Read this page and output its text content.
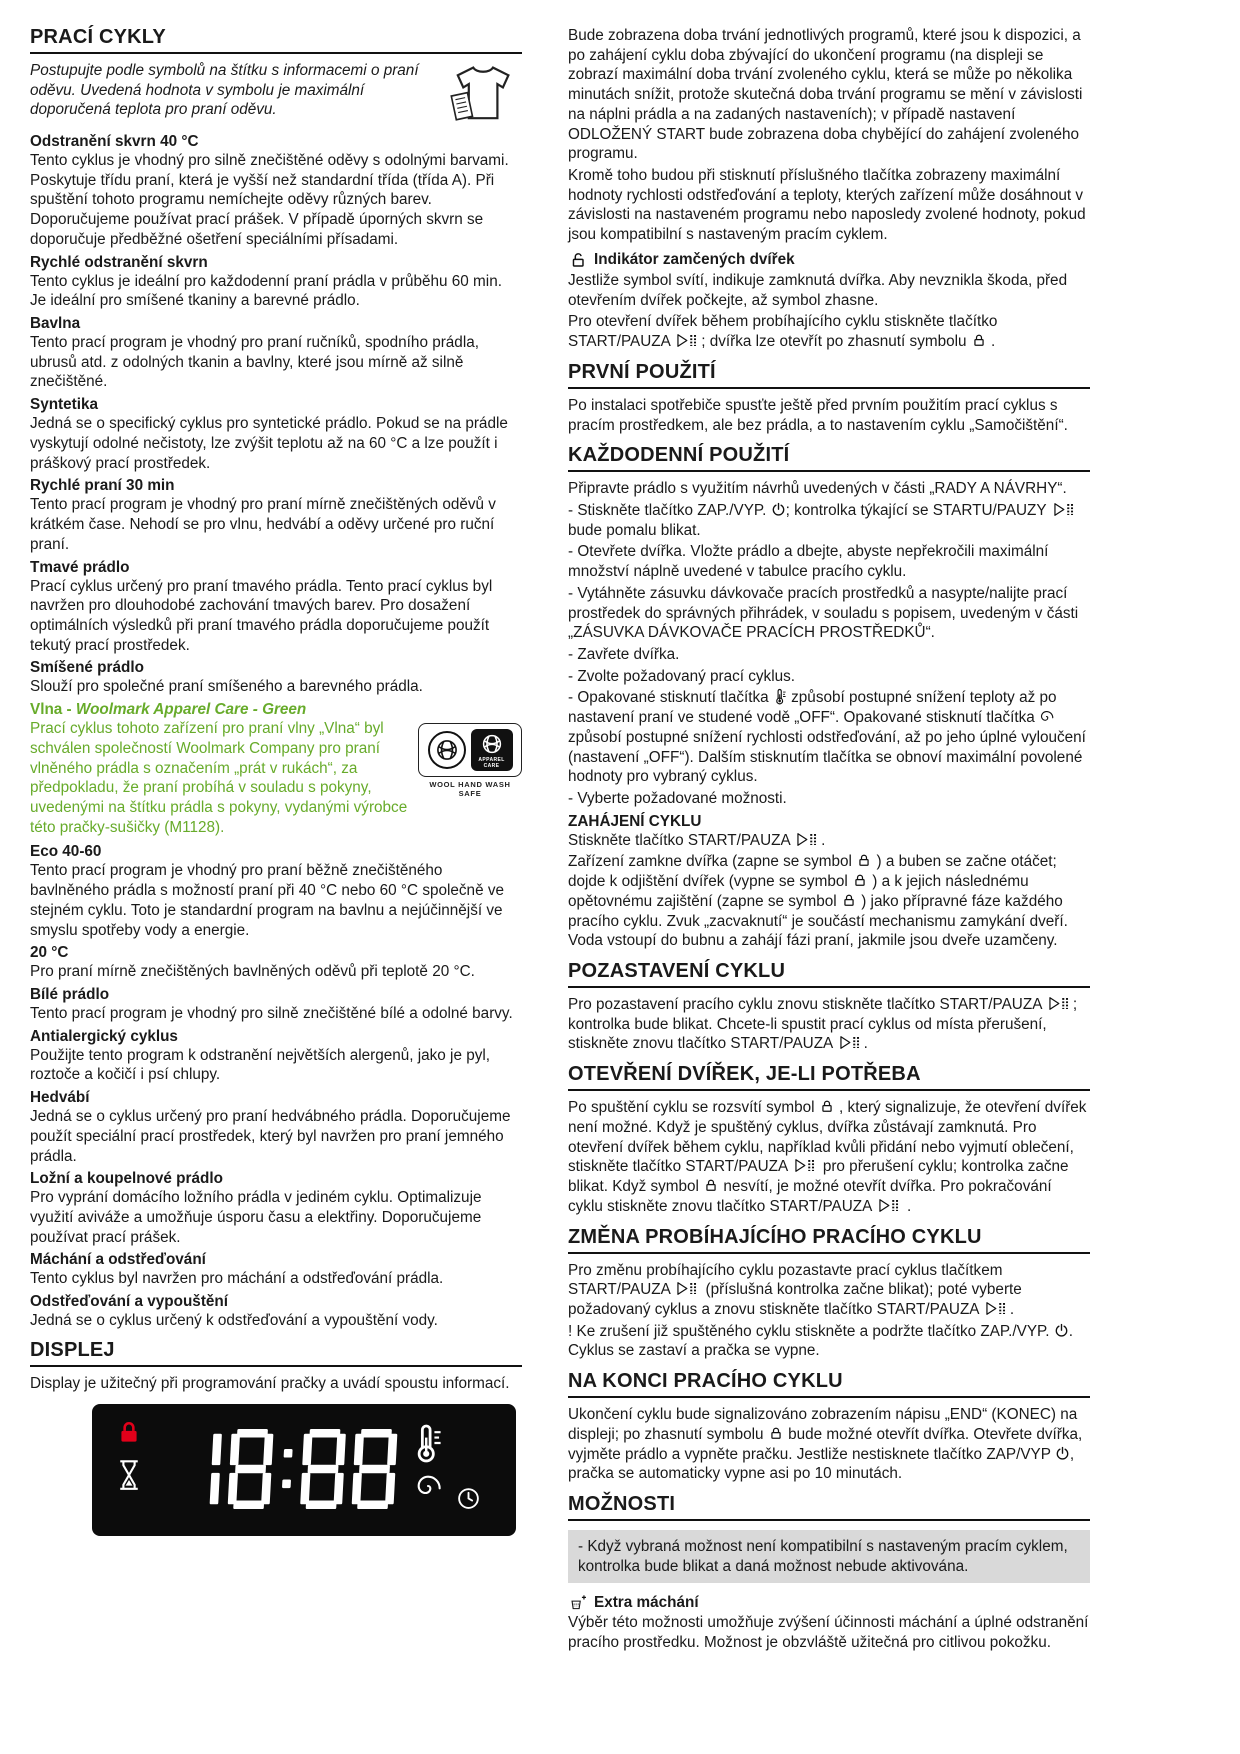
PRACÍ CYKLY

Postupujte podle symbolů na štítku s informacemi o praní oděvu. Uvedená hodnota v symbolu je maximální doporučená teplota pro praní oděvu.

Odstranění skvrn 40 °C

Tento cyklus je vhodný pro silně znečištěné oděvy s odolnými barvami. Poskytuje třídu praní, která je vyšší než standardní třída (třída A). Při spuštění tohoto programu nemíchejte oděvy různých barev. Doporučujeme používat prací prášek. V případě úporných skvrn se doporučuje předběžné ošetření speciálními přísadami.

Rychlé odstranění skvrn

Tento cyklus je ideální pro každodenní praní prádla v průběhu 60 min. Je ideální pro smíšené tkaniny a barevné prádlo.

Bavlna

Tento prací program je vhodný pro praní ručníků, spodního prádla, ubrusů atd. z odolných tkanin a bavlny, které jsou mírně až silně znečištěné.

Syntetika

Jedná se o specifický cyklus pro syntetické prádlo. Pokud se na prádle vyskytují odolné nečistoty, lze zvýšit teplotu až na 60 °C a lze použít i práškový prací prostředek.

Rychlé praní 30 min

Tento prací program je vhodný pro praní mírně znečištěných oděvů v krátkém čase. Nehodí se pro vlnu, hedvábí a oděvy určené pro ruční praní.

Tmavé prádlo

Prací cyklus určený pro praní tmavého prádla. Tento prací cyklus byl navržen pro dlouhodobé zachování tmavých barev. Pro dosažení optimálních výsledků při praní tmavého prádla doporučujeme použít tekutý prací prostředek.

Smíšené prádlo

Slouží pro společné praní smíšeného a barevného prádla.

Vlna - Woolmark Apparel Care - Green
APPAREL CARE
WOOL HAND WASH SAFE

Prací cyklus tohoto zařízení pro praní vlny „Vlna“ byl schválen společností Woolmark Company pro praní vlněného prádla s označením „prát v rukách“, za předpokladu, že praní probíhá v souladu s pokyny, uvedenými na štítku prádla s pokyny, vydanými výrobce této pračky-sušičky (M1128).

Eco 40-60

Tento prací program je vhodný pro praní běžně znečištěného bavlněného prádla s možností praní při 40 °C nebo 60 °C společně ve stejném cyklu. Toto je standardní program na bavlnu a nejúčinnější ve smyslu spotřeby vody a energie.

20 °C

Pro praní mírně znečištěných bavlněných oděvů při teplotě 20 °C.

Bílé prádlo

Tento prací program je vhodný pro silně znečištěné bílé a odolné barvy.

Antialergický cyklus

Použijte tento program k odstranění největších alergenů, jako je pyl, roztoče a kočičí i psí chlupy.

Hedvábí

Jedná se o cyklus určený pro praní hedvábného prádla. Doporučujeme použít speciální prací prostředek, který byl navržen pro praní jemného prádla.

Ložní a koupelnové prádlo

Pro vyprání domácího ložního prádla v jediném cyklu. Optimalizuje využití aviváže a umožňuje úsporu času a elektřiny. Doporučujeme používat prací prášek.

Máchání a odstřeďování

Tento cyklus byl navržen pro máchání a odstřeďování prádla.

Odstřeďování a vypouštění

Jedná se o cyklus určený k odstřeďování a vypouštění vody.

DISPLEJ

Display je užitečný při programování pračky a uvádí spoustu informací.

Bude zobrazena doba trvání jednotlivých programů, které jsou k dispozici, a po zahájení cyklu doba zbývající do ukončení programu (na displeji se zobrazí maximální doba trvání zvoleného cyklu, která se může po několika minutách snížit, protože skutečná doba trvání programu se mění v závislosti na náplni prádla a na zadaných nastaveních); v případě nastavení ODLOŽENÝ START bude zobrazena doba chybějící do zahájení zvoleného programu.

Kromě toho budou při stisknutí příslušného tlačítka zobrazeny maximální hodnoty rychlosti odstřeďování a teploty, kterých zařízení může dosáhnout v závislosti na nastaveném programu nebo naposledy zvolené hodnoty, pokud jsou kompatibilní s nastaveným pracím cyklem.

Indikátor zamčených dvířek

Jestliže symbol svítí, indikuje zamknutá dvířka. Aby nevznikla škoda, před otevřením dvířek počkejte, až symbol zhasne.

Pro otevření dvířek během probíhajícího cyklu stiskněte tlačítko START/PAUZA ; dvířka lze otevřít po zhasnutí symbolu  .

PRVNÍ POUŽITÍ

Po instalaci spotřebiče spusťte ještě před prvním použitím prací cyklus s pracím prostředkem, ale bez prádla, a to nastavením cyklu „Samočištění“.

KAŽDODENNÍ POUŽITÍ

Připravte prádlo s využitím návrhů uvedených v části „RADY A NÁVRHY“.

- Stiskněte tlačítko ZAP./VYP. ; kontrolka týkající se STARTU/PAUZY  bude pomalu blikat.

- Otevřete dvířka. Vložte prádlo a dbejte, abyste nepřekročili maximální množství náplně uvedené v tabulce pracího cyklu.

- Vytáhněte zásuvku dávkovače pracích prostředků a nasypte/nalijte prací prostředek do správných přihrádek, v souladu s popisem, uvedeným v části „ZÁSUVKA DÁVKOVAČE PRACÍCH PROSTŘEDKŮ“.

- Zavřete dvířka.

- Zvolte požadovaný prací cyklus.

- Opakované stisknutí tlačítka  způsobí postupné snížení teploty až po nastavení praní ve studené vodě „OFF“. Opakované stisknutí tlačítka  způsobí postupné snížení rychlosti odstřeďování, až po jeho úplné vyloučení (nastavení „OFF“). Dalším stisknutím tlačítka se obnoví maximální povolené hodnoty pro vybraný cyklus.

- Vyberte požadované možnosti.

ZAHÁJENÍ CYKLU

Stiskněte tlačítko START/PAUZA .

Zařízení zamkne dvířka (zapne se symbol  ) a buben se začne otáčet; dojde k odjištění dvířek (vypne se symbol  ) a k jejich následnému opětovnému zajištění (zapne se symbol  ) jako přípravné fáze každého pracího cyklu. Zvuk „zacvaknutí“ je součástí mechanismu zamykání dveří. Voda vstoupí do bubnu a zahájí fázi praní, jakmile jsou dveře uzamčeny.

POZASTAVENÍ CYKLU

Pro pozastavení pracího cyklu znovu stiskněte tlačítko START/PAUZA ; kontrolka bude blikat. Chcete-li spustit prací cyklus od místa přerušení, stiskněte znovu tlačítko START/PAUZA .

OTEVŘENÍ DVÍŘEK, JE-LI POTŘEBA

Po spuštění cyklu se rozsvítí symbol  , který signalizuje, že otevření dvířek není možné. Když je spuštěný cyklus, dvířka zůstávají zamknutá. Pro otevření dvířek během cyklu, například kvůli přidání nebo vyjmutí oblečení, stiskněte tlačítko START/PAUZA  pro přerušení cyklu; kontrolka začne blikat. Když symbol  nesvítí, je možné otevřít dvířka. Pro pokračování cyklu stiskněte znovu tlačítko START/PAUZA  .

ZMĚNA PROBÍHAJÍCÍHO PRACÍHO CYKLU

Pro změnu probíhajícího cyklu pozastavte prací cyklus tlačítkem START/PAUZA  (příslušná kontrolka začne blikat); poté vyberte požadovaný cyklus a znovu stiskněte tlačítko START/PAUZA .

! Ke zrušení již spuštěného cyklu stiskněte a podržte tlačítko ZAP./VYP. . Cyklus se zastaví a pračka se vypne.

NA KONCI PRACÍHO CYKLU

Ukončení cyklu bude signalizováno zobrazením nápisu „END“ (KONEC) na displeji; po zhasnutí symbolu  bude možné otevřít dvířka. Otevřete dvířka, vyjměte prádlo a vypněte pračku. Jestliže nestisknete tlačítko ZAP/VYP , pračka se automaticky vypne asi po 10 minutách.

MOŽNOSTI

- Když vybraná možnost není kompatibilní s nastaveným pracím cyklem, kontrolka bude blikat a daná možnost nebude aktivována.

Extra máchání

Výběr této možnosti umožňuje zvýšení účinnosti máchání a úplné odstranění pracího prostředku. Možnost je obzvláště užitečná pro citlivou pokožku.
